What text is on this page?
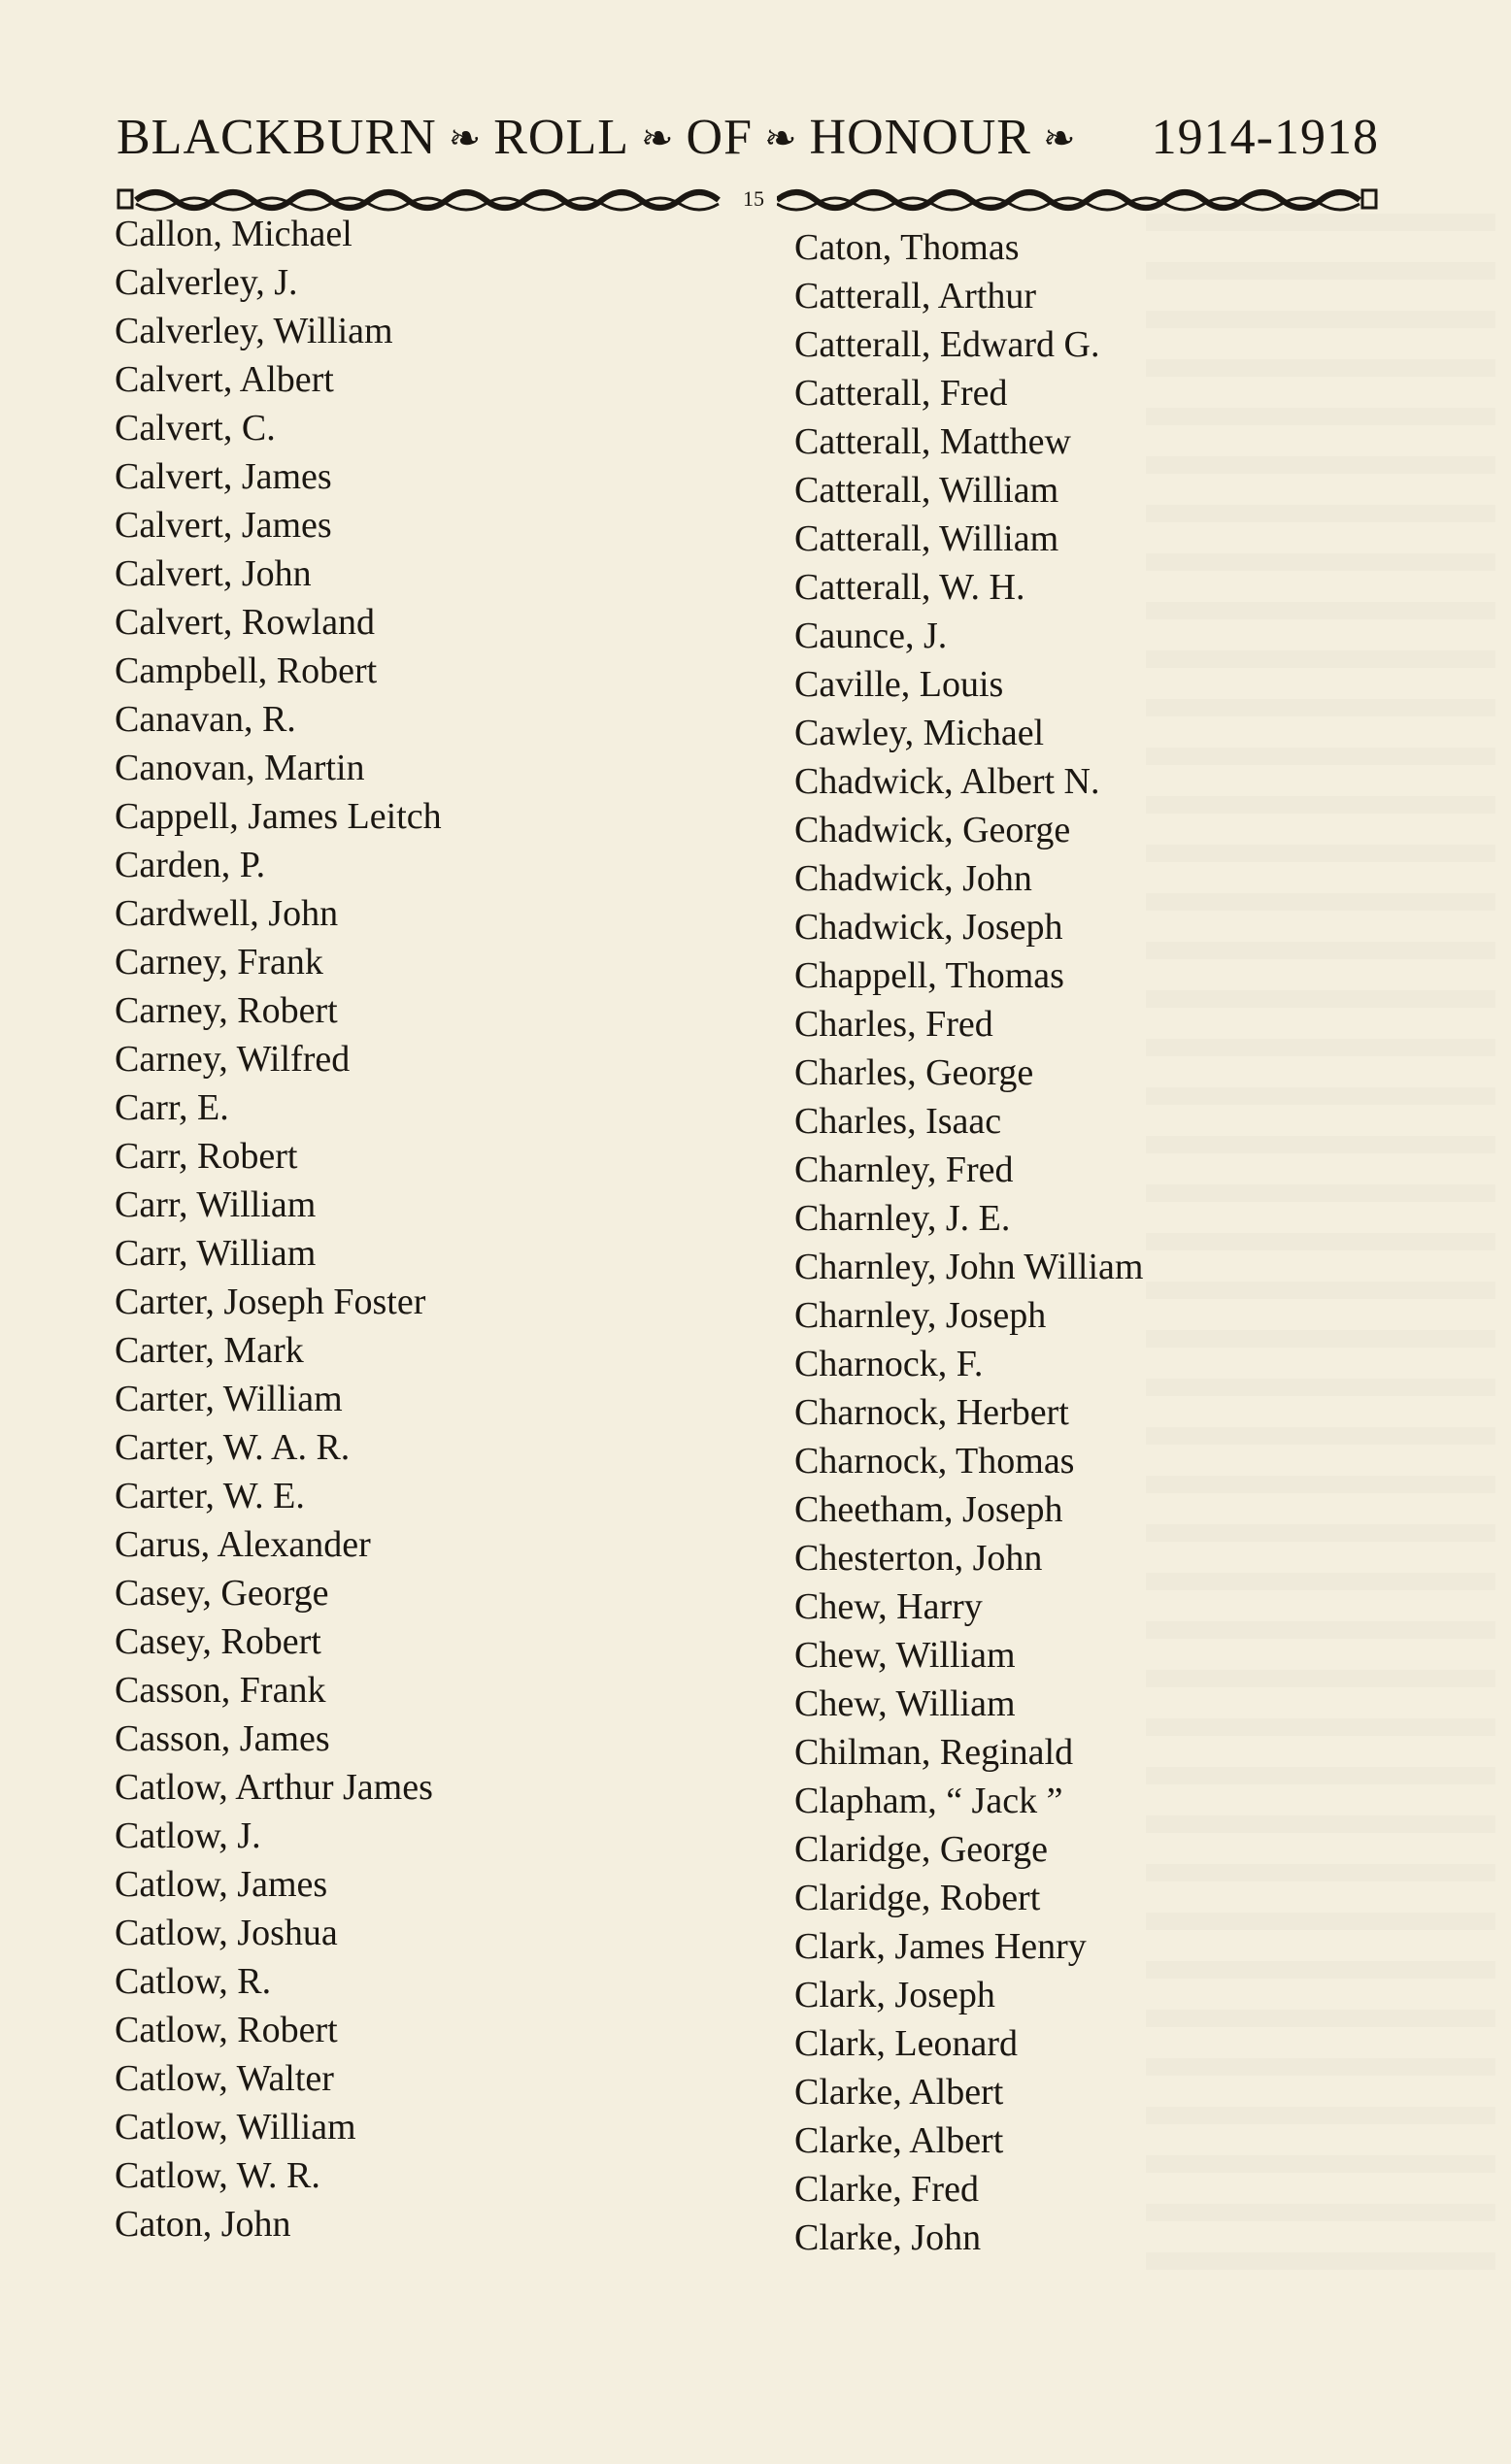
BLACKBURN ❧ ROLL ❧ OF ❧ HONOUR ❧ 1914-1918
15
Callon, Michael
Calverley, J.
Calverley, William
Calvert, Albert
Calvert, C.
Calvert, James
Calvert, James
Calvert, John
Calvert, Rowland
Campbell, Robert
Canavan, R.
Canovan, Martin
Cappell, James Leitch
Carden, P.
Cardwell, John
Carney, Frank
Carney, Robert
Carney, Wilfred
Carr, E.
Carr, Robert
Carr, William
Carr, William
Carter, Joseph Foster
Carter, Mark
Carter, William
Carter, W. A. R.
Carter, W. E.
Carus, Alexander
Casey, George
Casey, Robert
Casson, Frank
Casson, James
Catlow, Arthur James
Catlow, J.
Catlow, James
Catlow, Joshua
Catlow, R.
Catlow, Robert
Catlow, Walter
Catlow, William
Catlow, W. R.
Caton, John
Caton, Thomas
Catterall, Arthur
Catterall, Edward G.
Catterall, Fred
Catterall, Matthew
Catterall, William
Catterall, William
Catterall, W. H.
Caunce, J.
Caville, Louis
Cawley, Michael
Chadwick, Albert N.
Chadwick, George
Chadwick, John
Chadwick, Joseph
Chappell, Thomas
Charles, Fred
Charles, George
Charles, Isaac
Charnley, Fred
Charnley, J. E.
Charnley, John William
Charnley, Joseph
Charnock, F.
Charnock, Herbert
Charnock, Thomas
Cheetham, Joseph
Chesterton, John
Chew, Harry
Chew, William
Chew, William
Chilman, Reginald
Clapham, “ Jack ”
Claridge, George
Claridge, Robert
Clark, James Henry
Clark, Joseph
Clark, Leonard
Clarke, Albert
Clarke, Albert
Clarke, Fred
Clarke, John
